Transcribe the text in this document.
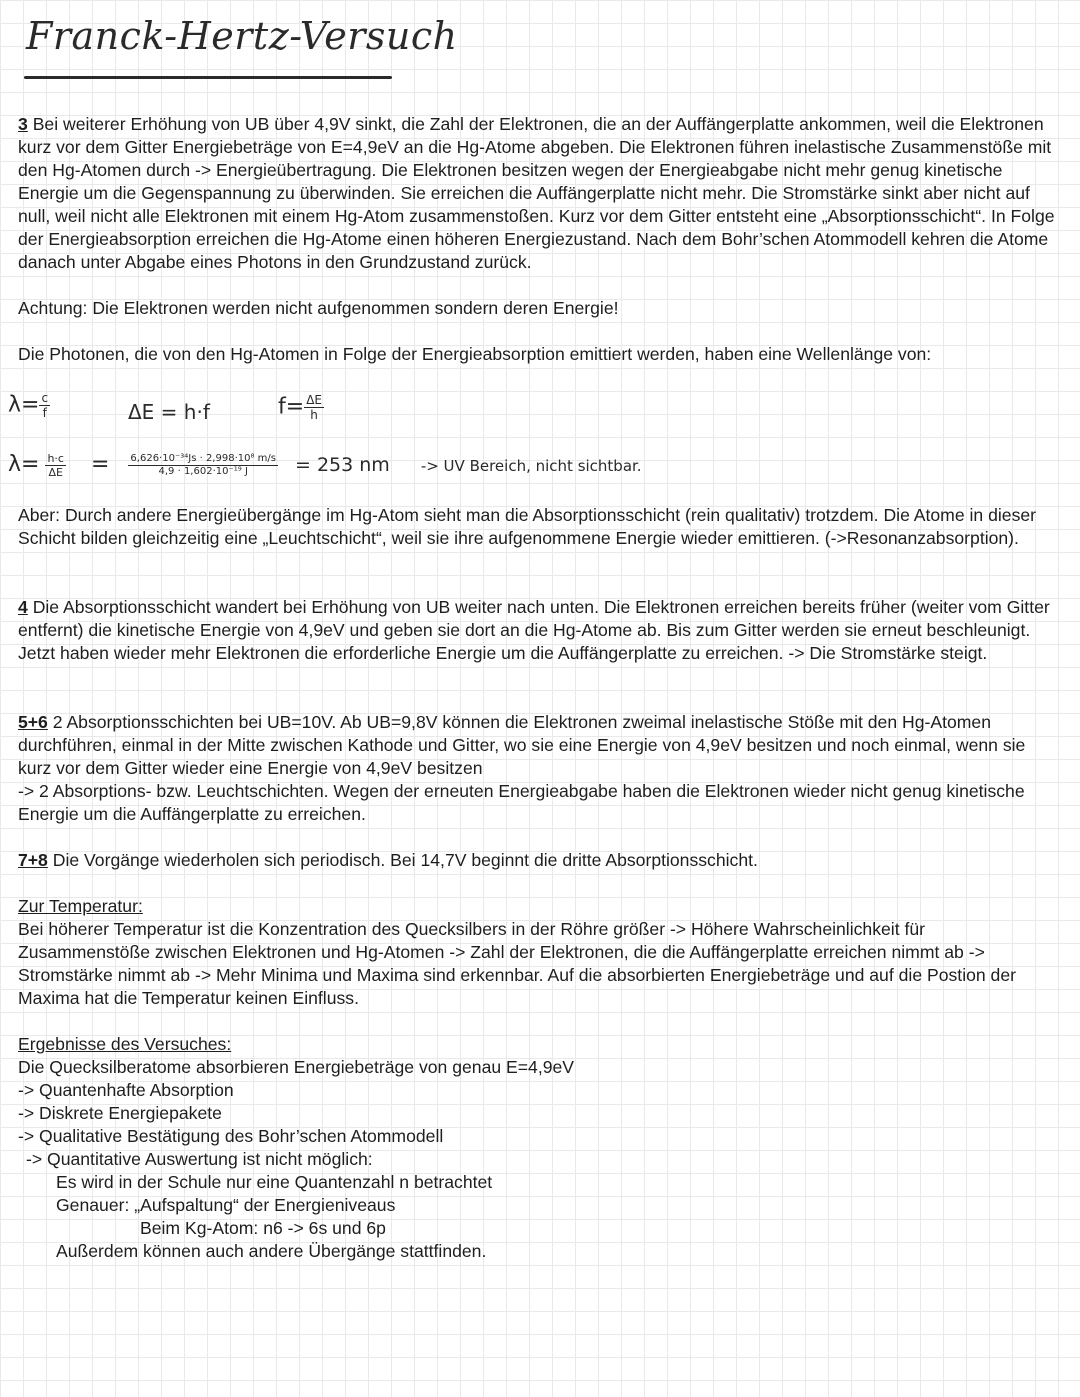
Franck-Hertz-Versuch

3 Bei weiterer Erhöhung von UB über 4,9V sinkt, die Zahl der Elektronen, die an der Auffängerplatte ankommen, weil die Elektronen kurz vor dem Gitter Energiebeträge von E=4,9eV an die Hg-Atome abgeben. Die Elektronen führen inelastische Zusammenstöße mit den Hg-Atomen durch -> Energieübertragung. Die Elektronen besitzen wegen der Energieabgabe nicht mehr genug kinetische Energie um die Gegenspannung zu überwinden. Sie erreichen die Auffängerplatte nicht mehr. Die Stromstärke sinkt aber nicht auf null, weil nicht alle Elektronen mit einem Hg-Atom zusammenstoßen. Kurz vor dem Gitter entsteht eine „Absorptionsschicht“. In Folge der Energieabsorption erreichen die Hg-Atome einen höheren Energiezustand. Nach dem Bohr’schen Atommodell kehren die Atome danach unter Abgabe eines Photons in den Grundzustand zurück.

Achtung: Die Elektronen werden nicht aufgenommen sondern deren Energie!

Die Photonen, die von den Hg-Atomen in Folge der Energieabsorption emittiert werden, haben eine Wellenlänge von:

$\lambda= \frac{c}{f}$	ΔE = h·f	$f= \frac{\Delta E}{h}$
$\lambda= \frac{h\cdot c}{\Delta E} = \frac{\text{6,626·10⁻³⁴Js · 2,998·10⁸ m/s}}{\text{4,9 · 1,602·10⁻¹⁹ J}} = 253$ nm -> UV Bereich, nicht sichtbar.

Aber: Durch andere Energieübergänge im Hg-Atom sieht man die Absorptionsschicht (rein qualitativ) trotzdem. Die Atome in dieser Schicht bilden gleichzeitig eine „Leuchtschicht“, weil sie ihre aufgenommene Energie wieder emittieren. (->Resonanzabsorption).

4 Die Absorptionsschicht wandert bei Erhöhung von UB weiter nach unten. Die Elektronen erreichen bereits früher (weiter vom Gitter entfernt) die kinetische Energie von 4,9eV und geben sie dort an die Hg-Atome ab. Bis zum Gitter werden sie erneut beschleunigt. Jetzt haben wieder mehr Elektronen die erforderliche Energie um die Auffängerplatte zu erreichen. -> Die Stromstärke steigt.

5+6 2 Absorptionsschichten bei UB=10V. Ab UB=9,8V können die Elektronen zweimal inelastische Stöße mit den Hg-Atomen durchführen, einmal in der Mitte zwischen Kathode und Gitter, wo sie eine Energie von 4,9eV besitzen und noch einmal, wenn sie kurz vor dem Gitter wieder eine Energie von 4,9eV besitzen

-> 2 Absorptions- bzw. Leuchtschichten. Wegen der erneuten Energieabgabe haben die Elektronen wieder nicht genug kinetische Energie um die Auffängerplatte zu erreichen.

7+8 Die Vorgänge wiederholen sich periodisch. Bei 14,7V beginnt die dritte Absorptionsschicht.

Zur Temperatur:

Bei höherer Temperatur ist die Konzentration des Quecksilbers in der Röhre größer -> Höhere Wahrscheinlichkeit für Zusammenstöße zwischen Elektronen und Hg-Atomen -> Zahl der Elektronen, die die Auffängerplatte erreichen nimmt ab -> Stromstärke nimmt ab -> Mehr Minima und Maxima sind erkennbar. Auf die absorbierten Energiebeträge und auf die Postion der Maxima hat die Temperatur keinen Einfluss.

Ergebnisse des Versuches:
Die Quecksilberatome absorbieren Energiebeträge von genau E=4,9eV
-> Quantenhafte Absorption
-> Diskrete Energiepakete
-> Qualitative Bestätigung des Bohr’schen Atommodell
-> Quantitative Auswertung ist nicht möglich:
Es wird in der Schule nur eine Quantenzahl n betrachtet
Genauer: „Aufspaltung“ der Energieniveaus
Beim Kg-Atom: n6 -> 6s und 6p
Außerdem können auch andere Übergänge stattfinden.
